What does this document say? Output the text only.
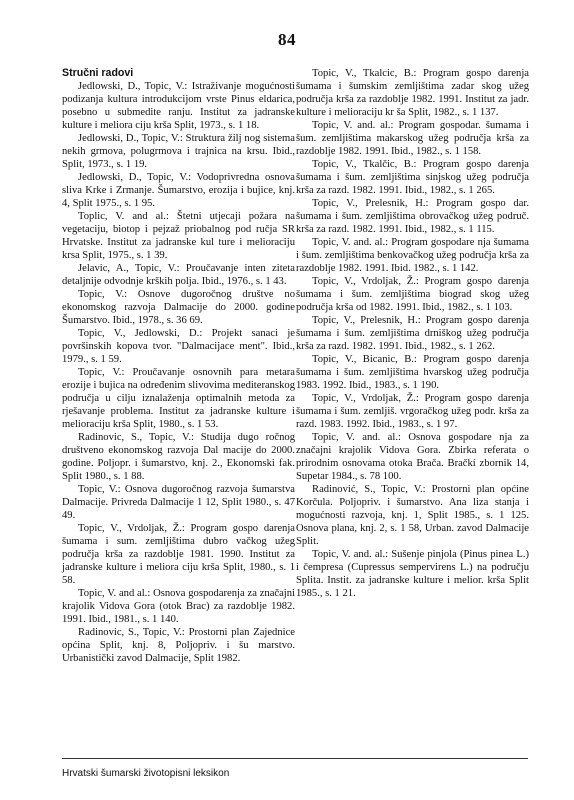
84

Stručni radovi

Jedlowski, D., Topic, V.: Istraživanje mogućnosti podizanja kultura introdukcijom vrste Pinus eldarica, posebno u submedite ranju. Institut za jadranske kulture i meliora ciju krša Split, 1973., s. 1 18.

Jedlowski, D., Topic, V.: Struktura žilj nog sistema nekih grmova, polugrmova i trajnica na krsu. Ibid., Split, 1973., s. 1 19.

Jedlowski, D., Topic, V.: Vodoprivredna osnova sliva Krke i Zrmanje. Šumarstvo, erozija i bujice, knj. 4, Split 1975., s. 1 95.

Toplic, V. and al.: Štetni utjecaji požara na vegetaciju, biotop i pejzaž priobalnog pod ručja SR Hrvatske. Institut za jadranske kul ture i melioraciju krsa Split, 1975., s. 1 39.

Jelavic, A., Topic, V.: Proučavanje inten ziteta detaljnije odvodnje krških polja. Ibid., 1976., s. 1 43.

Topic, V.: Osnove dugoročnog društve no ekonomskog razvoja Dalmacije do 2000. godine Šumarstvo. Ibid., 1978., s. 36 69.

Topic, V., Jedlowski, D.: Projekt sanaci je površinskih kopova tvor. "Dalmacijace ment". Ibid., 1979., s. 1 59.

Topic, V.: Proučavanje osnovnih para metara erozije i bujica na određenim slivovima mediteranskog područja u cilju iznalaženja optimalnih metoda za rješavanje problema. Institut za jadranske kulture i melioraciju krša Split, 1980., s. 1 53.

Radinovic, S., Topic, V.: Studija dugo ročnog društveno ekonomskog razvoja Dal macije do 2000. godine. Poljopr. i šumarstvo, knj. 2., Ekonomski fak. Split 1980., s. 1 88.

Topic, V.: Osnova dugoročnog razvoja šumarstva Dalmacije. Privreda Dalmacije 1 12, Split 1980., s. 47 49.

Topic, V., Vrdoljak, Ž.: Program gospo darenja šumama i sum. zemljištima dubro vačkog užeg područja krša za razdoblje 1981. 1990. Institut za jadranske kulture i meliora ciju krša Split, 1980., s. 1 58.

Topic, V. and al.: Osnova gospodarenja za značajni krajolik Vidova Gora (otok Brac) za razdoblje 1982. 1991. Ibid., 1981., s. 1 140.

Radinovic, S., Topic, V.: Prostorni plan Zajednice općina Split, knj. 8, Poljopriv. i šu marstvo. Urbanistički zavod Dalmacije, Split 1982.

Topic, V., Tkalcic, B.: Program gospo darenja šumama i šumskim zemljištima zadar skog užeg područja krša za razdoblje 1982. 1991. Institut za jadr. kulture i melioraciju kr ša Split, 1982., s. 1 137.

Topic, V. and. al.: Program gospodar. šumama i šum. zemljištima makarskog užeg područja krša za razdoblje 1982. 1991. Ibid., 1982., s. 1 158.

Topic, V., Tkalčic, B.: Program gospo darenja šumama i šum. zemljištima sinjskog užeg područja krša za razd. 1982. 1991. Ibid., 1982., s. 1 265.

Topic, V., Prelesnik, H.: Program gospo dar. šumama i šum. zemljištima obrovačkog užeg područ. krša za razd. 1982. 1991. Ibid., 1982., s. 1 115.

Topic, V. and. al.: Program gospodare nja šumama i šum. zemljištima benkovačkog užeg područja krša za razdoblje 1982. 1991. Ibid. 1982., s. 1 142.

Topic, V., Vrdoljak, Ž.: Program gospo darenja šumama i šum. zemljištima biograd skog užeg područja krša od 1982. 1991. Ibid., 1982., s. 1 103.

Topic, V., Prelesnik, H.: Program gospo darenja šumama i šum. zemljištima drniškog užeg područja krša za razd. 1982. 1991. Ibid., 1982., s. 1 262.

Topic, V., Bicanic, B.: Program gospo darenja šumama i šum. zemljištima hvarskog užeg područja 1983. 1992. Ibid., 1983., s. 1 190.

Topic, V., Vrdoljak, Ž.: Program gospo darenja šumama i šum. zemljiš. vrgoračkog užeg podr. krša za razd. 1983. 1992. Ibid., 1983., s. 1 97.

Topic, V. and. al.: Osnova gospodare nja za značajni krajolik Vidova Gora. Zbirka referata o prirodnim osnovama otoka Brača. Bračkí zbornik 14, Supetar 1984., s. 78 100.

Radinović, S., Topic, V.: Prostorni plan općine Korčula. Poljopriv. i šumarstvo. Ana liza stanja i mogućnosti razvoja, knj. 1, Split 1985., s. 1 125. Osnova plana, knj. 2, s. 1 58, Urban. zavod Dalmacije Split.

Topic, V. and. al.: Sušenje pinjola (Pinus pinea L.) i čempresa (Cupressus sempervirens L.) na području Splita. Instit. za jadranske kulture i melior. krša Split 1985., s. 1 21.

Hrvatski šumarski životopisni leksikon
